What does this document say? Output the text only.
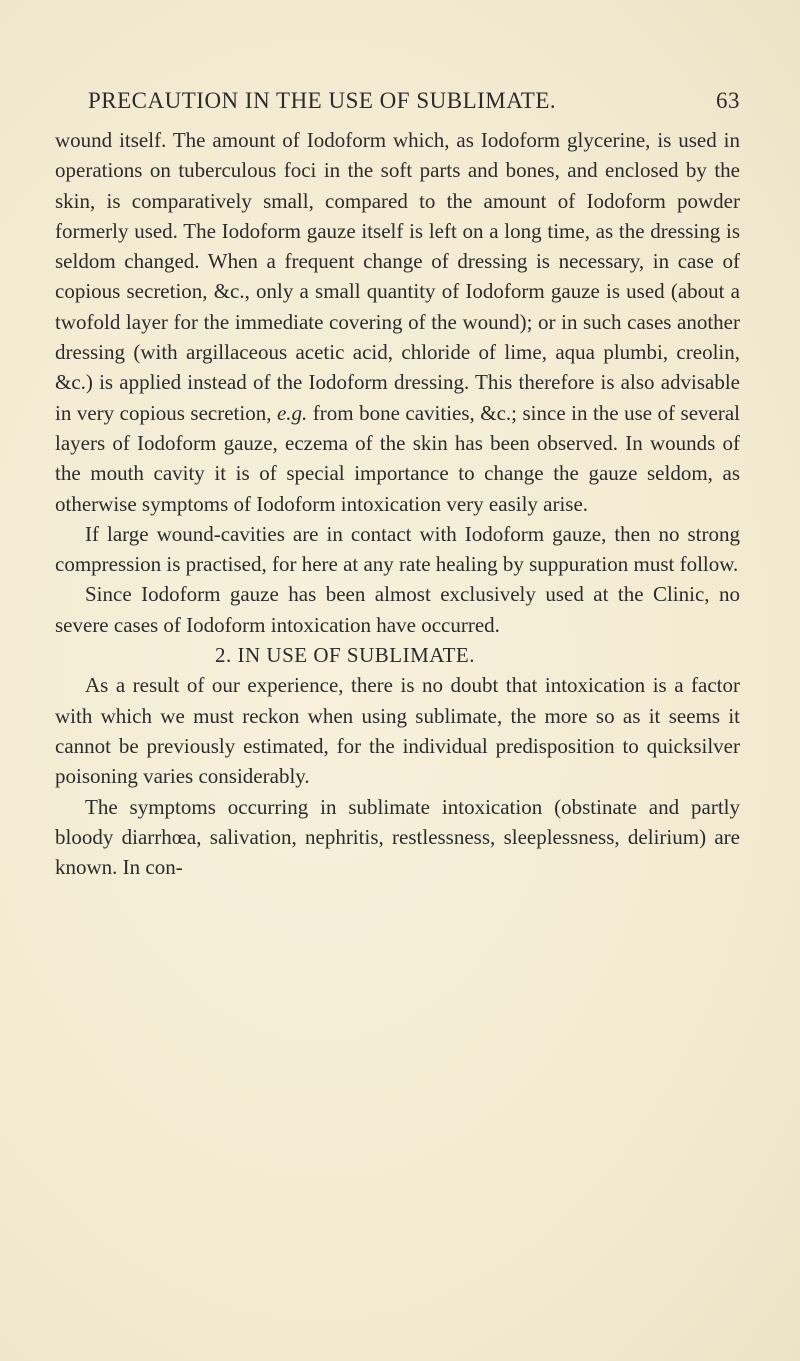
PRECAUTION IN THE USE OF SUBLIMATE.	63

wound itself. The amount of Iodoform which, as Iodoform glycerine, is used in operations on tuberculous foci in the soft parts and bones, and enclosed by the skin, is comparatively small, compared to the amount of Iodoform powder formerly used. The Iodoform gauze itself is left on a long time, as the dressing is seldom changed. When a frequent change of dressing is necessary, in case of copious secretion, &c., only a small quantity of Iodoform gauze is used (about a twofold layer for the immediate covering of the wound); or in such cases another dressing (with argillaceous acetic acid, chloride of lime, aqua plumbi, creolin, &c.) is applied instead of the Iodoform dressing. This therefore is also advisable in very copious secretion, e.g. from bone cavities, &c.; since in the use of several layers of Iodoform gauze, eczema of the skin has been observed. In wounds of the mouth cavity it is of special importance to change the gauze seldom, as otherwise symptoms of Iodoform intoxication very easily arise.

If large wound-cavities are in contact with Iodoform gauze, then no strong compression is practised, for here at any rate healing by suppuration must follow.

Since Iodoform gauze has been almost exclusively used at the Clinic, no severe cases of Iodoform intoxication have occurred.

2. IN USE OF SUBLIMATE.

As a result of our experience, there is no doubt that intoxication is a factor with which we must reckon when using sublimate, the more so as it seems it cannot be previously estimated, for the individual predisposition to quicksilver poisoning varies considerably.

The symptoms occurring in sublimate intoxication (obstinate and partly bloody diarrhœa, salivation, nephritis, restlessness, sleeplessness, delirium) are known. In con-
